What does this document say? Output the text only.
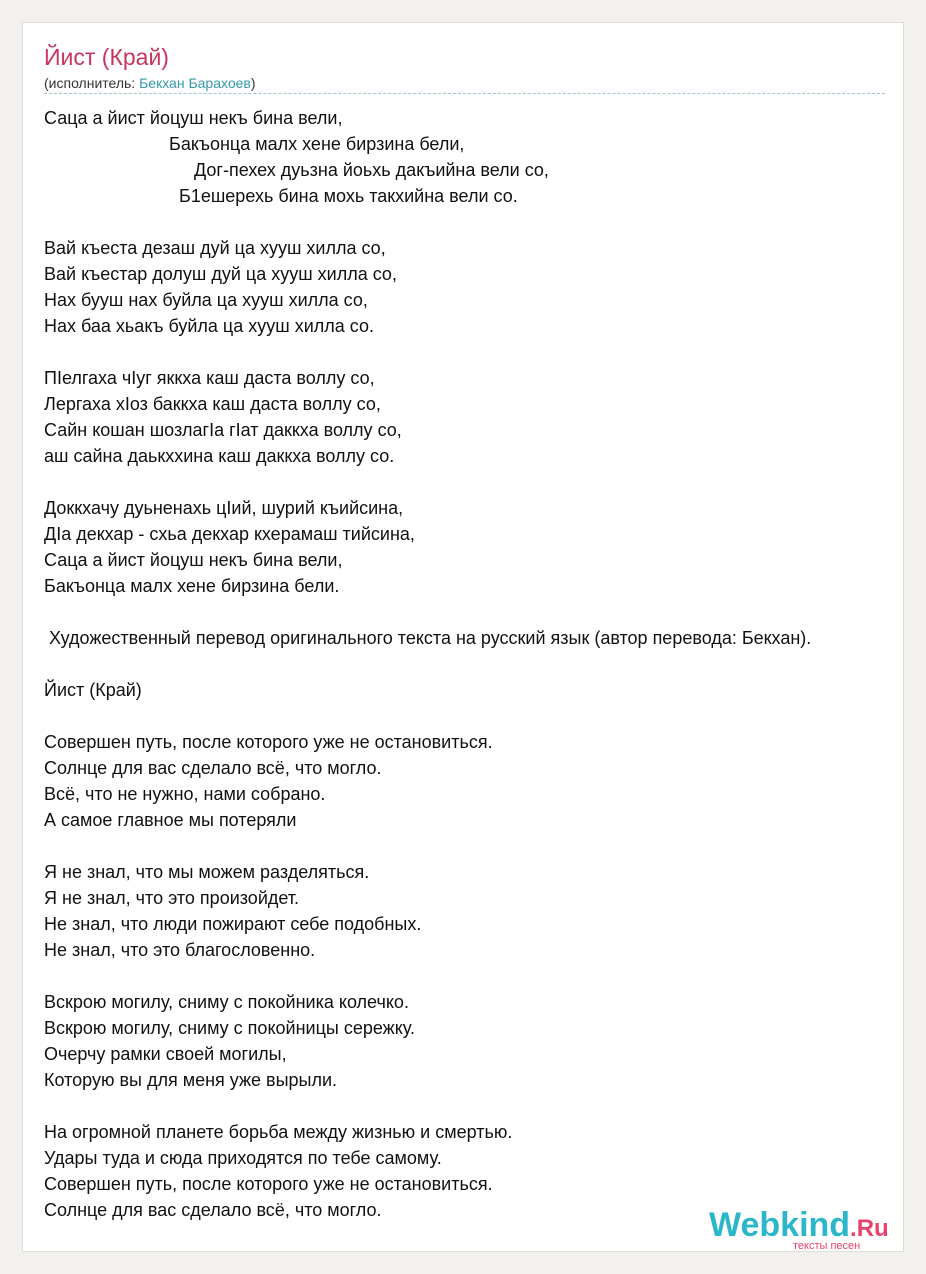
Йист (Край)
(исполнитель: Бекхан Барахоев)
Саца а йист йоцуш некъ бина вели,
Бакъонца малх хене бирзина бели,
Дог-пехех дуьзна йоьхь дакъийна вели со,
Б1ешерехь бина мохь такхийна вели со.
Вай къеста дезаш дуй ца хууш хилла со,
Вай къестар долуш дуй ца хууш хилла со,
Нах бууш нах буйла ца хууш хилла со,
Нах баа хьакъ буйла ца хууш хилла со.
ПIелгаха чIуг яккха каш даста воллу со,
Лергаха хIоз баккха каш даста воллу со,
Сайн кошан шозлагIа гIат даккха воллу со,
аш сайна даькххина каш даккха воллу со.
Доккхачу дуьненахь цIий, шурий къийсина,
ДIа декхар - схьа декхар кхерамаш тийсина,
Саца а йист йоцуш некъ бина вели,
Бакъонца малх хене бирзина бели.
Художественный перевод оригинального текста на русский язык (автор перевода: Бекхан).
Йист (Край)
Совершен путь, после которого уже не остановиться.
Солнце для вас сделало всё, что могло.
Всё, что не нужно, нами собрано.
А самое главное мы потеряли
Я не знал, что мы можем разделяться.
Я не знал, что это произойдет.
Не знал, что люди пожирают себе подобных.
Не знал, что это благословенно.
Вскрою могилу, сниму с покойника колечко.
Вскрою могилу, сниму с покойницы сережку.
Очерчу рамки своей могилы,
Которую вы для меня уже вырыли.
На огромной планете борьба между жизнью и смертью.
Удары туда и сюда приходятся по тебе самому.
Совершен путь, после которого уже не остановиться.
Солнце для вас сделало всё, что могло.	Webkind.Ru
тексты песен
